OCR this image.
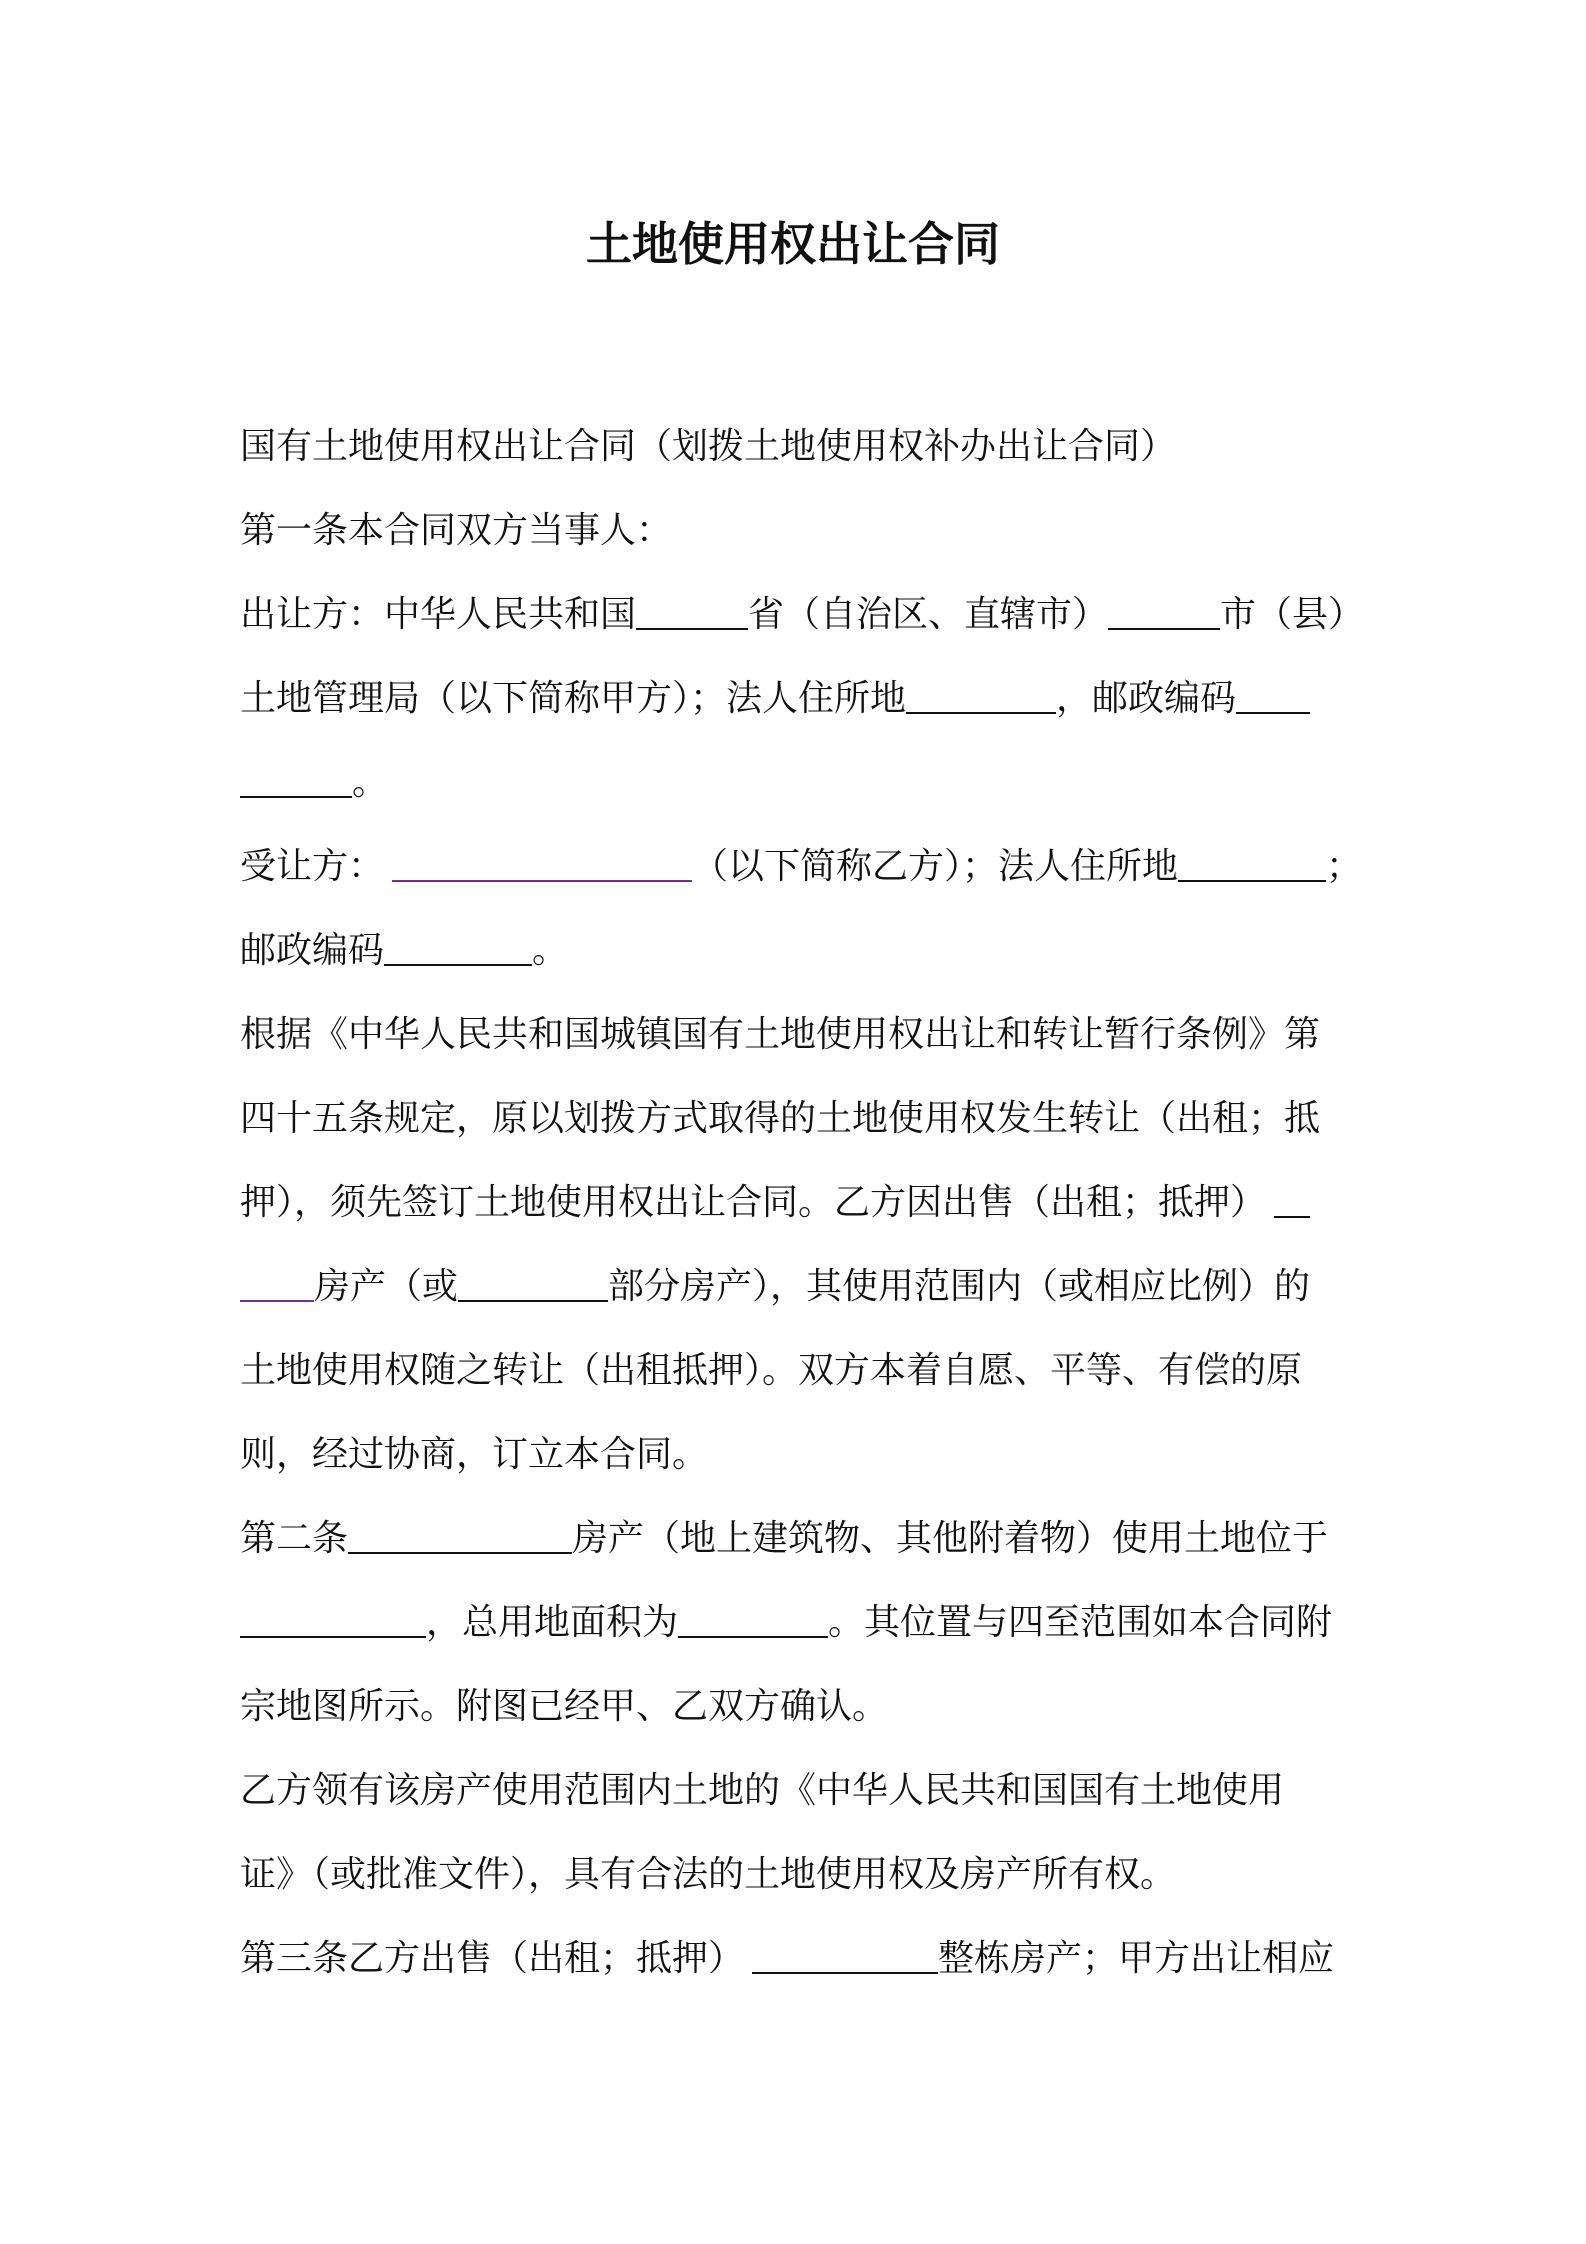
土地使用权出让合同
国有土地使用权出让合同（划拨土地使用权补办出让合同）
第一条本合同双方当事人：
出让方：中华人民共和国	省（自治区、直辖市）	市（县）
土地管理局（以下简称甲方）；法人住所地	，邮政编码
。
受让方：	（以下简称乙方）；法人住所地	；
邮政编码	。
根据《中华人民共和国城镇国有土地使用权出让和转让暂行条例》第
四十五条规定，原以划拨方式取得的土地使用权发生转让（出租；抵
押），须先签订土地使用权出让合同。乙方因出售（出租；抵押）
房产（或	部分房产），其使用范围内（或相应比例）的
土地使用权随之转让（出租抵押）。双方本着自愿、平等、有偿的原
则，经过协商，订立本合同。
第二条	房产（地上建筑物、其他附着物）使用土地位于
，总用地面积为	。其位置与四至范围如本合同附
宗地图所示。附图已经甲、乙双方确认。
乙方领有该房产使用范围内土地的《中华人民共和国国有土地使用
证》（或批准文件），具有合法的土地使用权及房产所有权。
第三条乙方出售（出租；抵押）	整栋房产；甲方出让相应
